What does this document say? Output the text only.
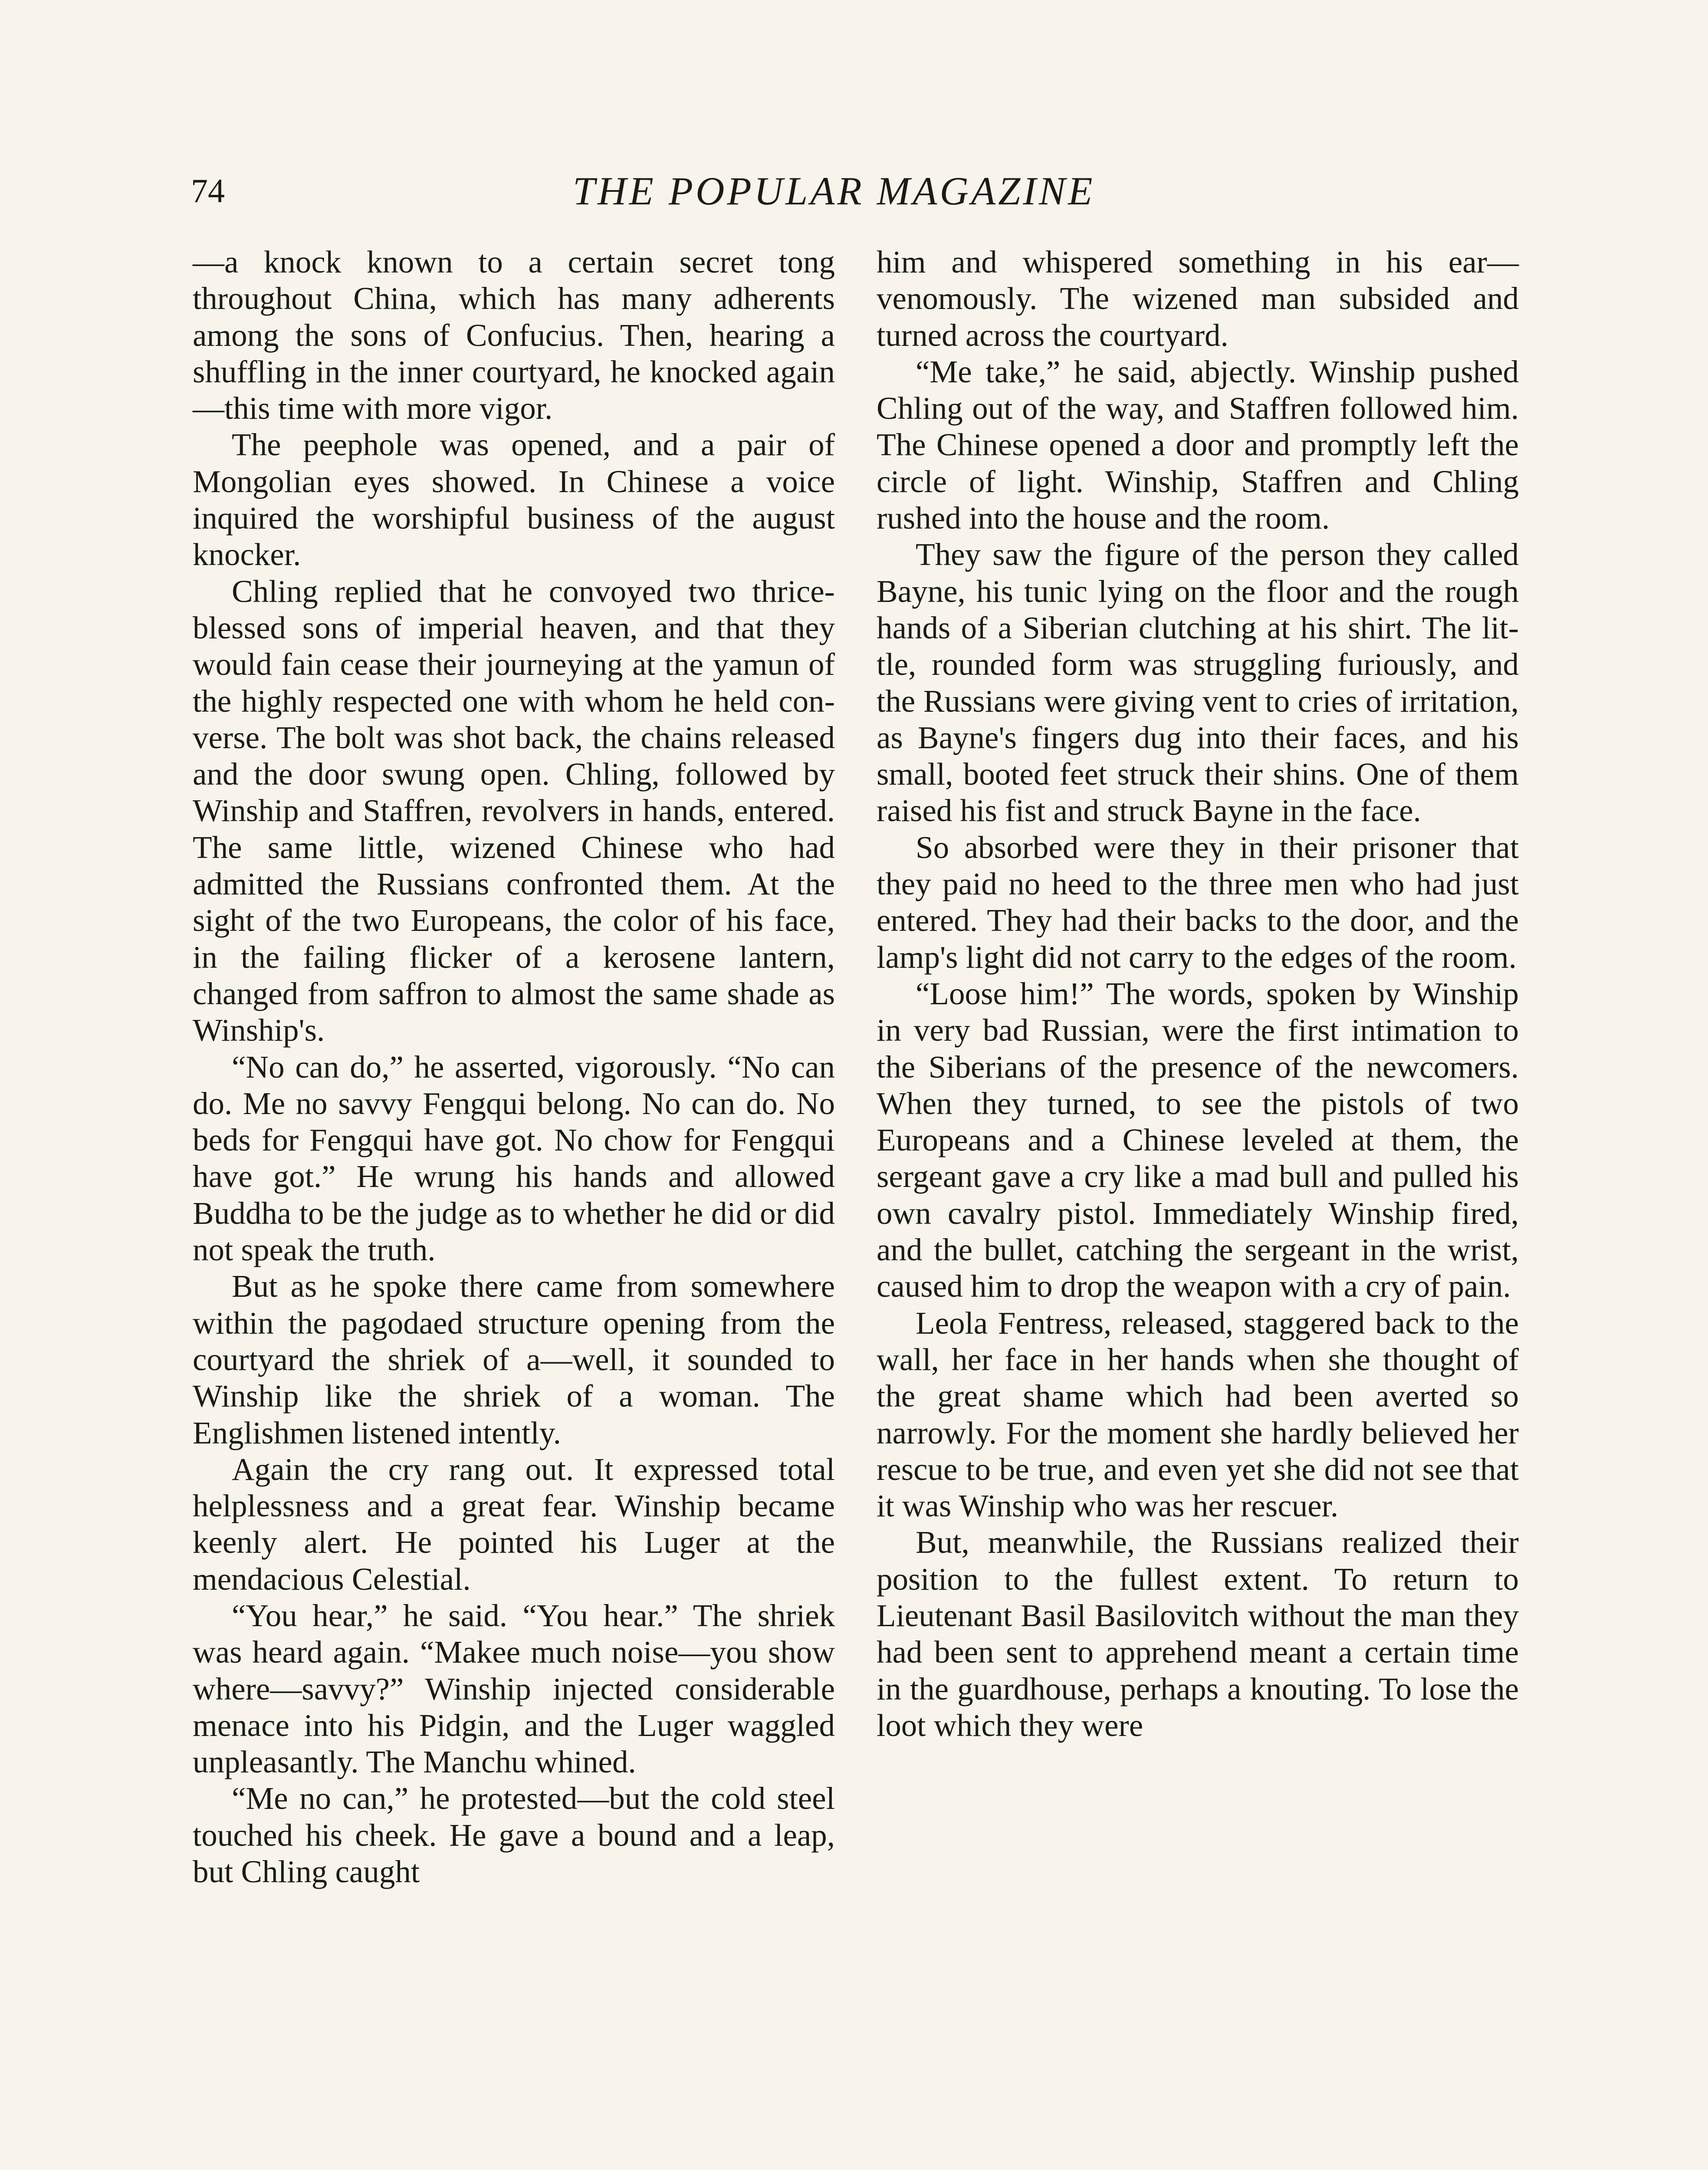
74	THE POPULAR MAGAZINE

—a knock known to a certain secret tong throughout China, which has many adherents among the sons of Confucius. Then, hearing a shuffling in the inner courtyard, he knocked again—this time with more vigor.

The peephole was opened, and a pair of Mongolian eyes showed. In Chinese a voice inquired the worshipful business of the august knocker.

Chling replied that he convoyed two thrice-blessed sons of imperial heaven, and that they would fain cease their journeying at the yamun of the highly respected one with whom he held converse. The bolt was shot back, the chains released and the door swung open. Chling, followed by Winship and Staffren, revolvers in hands, entered. The same little, wizened Chinese who had admitted the Russians confronted them. At the sight of the two Europeans, the color of his face, in the failing flicker of a kerosene lantern, changed from saffron to almost the same shade as Winship's.

“No can do,” he asserted, vigorously. “No can do. Me no savvy Fengqui belong. No can do. No beds for Fengqui have got. No chow for Fengqui have got.” He wrung his hands and allowed Buddha to be the judge as to whether he did or did not speak the truth.

But as he spoke there came from somewhere within the pagodaed structure opening from the courtyard the shriek of a—well, it sounded to Winship like the shriek of a woman. The Englishmen listened intently.

Again the cry rang out. It expressed total helplessness and a great fear. Winship became keenly alert. He pointed his Luger at the mendacious Celestial.

“You hear,” he said. “You hear.” The shriek was heard again. “Makee much noise—you show where—savvy?” Winship injected considerable menace into his Pidgin, and the Luger waggled unpleasantly. The Manchu whined.

“Me no can,” he protested—but the cold steel touched his cheek. He gave a bound and a leap, but Chling caught

him and whispered something in his ear—venomously. The wizened man subsided and turned across the courtyard.

“Me take,” he said, abjectly. Winship pushed Chling out of the way, and Staffren followed him. The Chinese opened a door and promptly left the circle of light. Winship, Staffren and Chling rushed into the house and the room.

They saw the figure of the person they called Bayne, his tunic lying on the floor and the rough hands of a Siberian clutching at his shirt. The little, rounded form was struggling furiously, and the Russians were giving vent to cries of irritation, as Bayne's fingers dug into their faces, and his small, booted feet struck their shins. One of them raised his fist and struck Bayne in the face.

So absorbed were they in their prisoner that they paid no heed to the three men who had just entered. They had their backs to the door, and the lamp's light did not carry to the edges of the room.

“Loose him!” The words, spoken by Winship in very bad Russian, were the first intimation to the Siberians of the presence of the newcomers. When they turned, to see the pistols of two Europeans and a Chinese leveled at them, the sergeant gave a cry like a mad bull and pulled his own cavalry pistol. Immediately Winship fired, and the bullet, catching the sergeant in the wrist, caused him to drop the weapon with a cry of pain.

Leola Fentress, released, staggered back to the wall, her face in her hands when she thought of the great shame which had been averted so narrowly. For the moment she hardly believed her rescue to be true, and even yet she did not see that it was Winship who was her rescuer.

But, meanwhile, the Russians realized their position to the fullest extent. To return to Lieutenant Basil Basilovitch without the man they had been sent to apprehend meant a certain time in the guardhouse, perhaps a knouting. To lose the loot which they were
